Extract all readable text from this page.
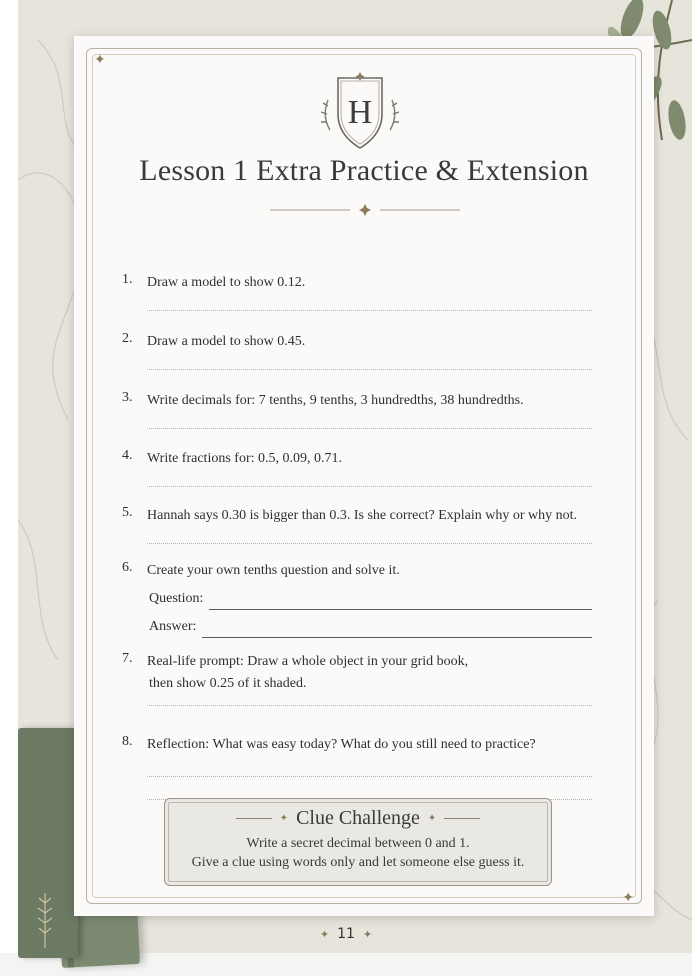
✦
✦
H
Lesson 1 Extra Practice & Extension
1.	Draw a model to show 0.12.
2.	Draw a model to show 0.45.
3.	Write decimals for: 7 tenths, 9 tenths, 3 hundredths, 38 hundredths.
4.	Write fractions for: 0.5, 0.09, 0.71.
5.	Hannah says 0.30 is bigger than 0.3. Is she correct? Explain why or why not.
6.	Create your own tenths question and solve it.
Question:
Answer:
7.	Real-life prompt: Draw a whole object in your grid book,
then show 0.25 of it shaded.
8.	Reflection: What was easy today? What do you still need to practice?
✦ Clue Challenge ✦
Write a secret decimal between 0 and 1.
Give a clue using words only and let someone else guess it.
✦ 11 ✦
